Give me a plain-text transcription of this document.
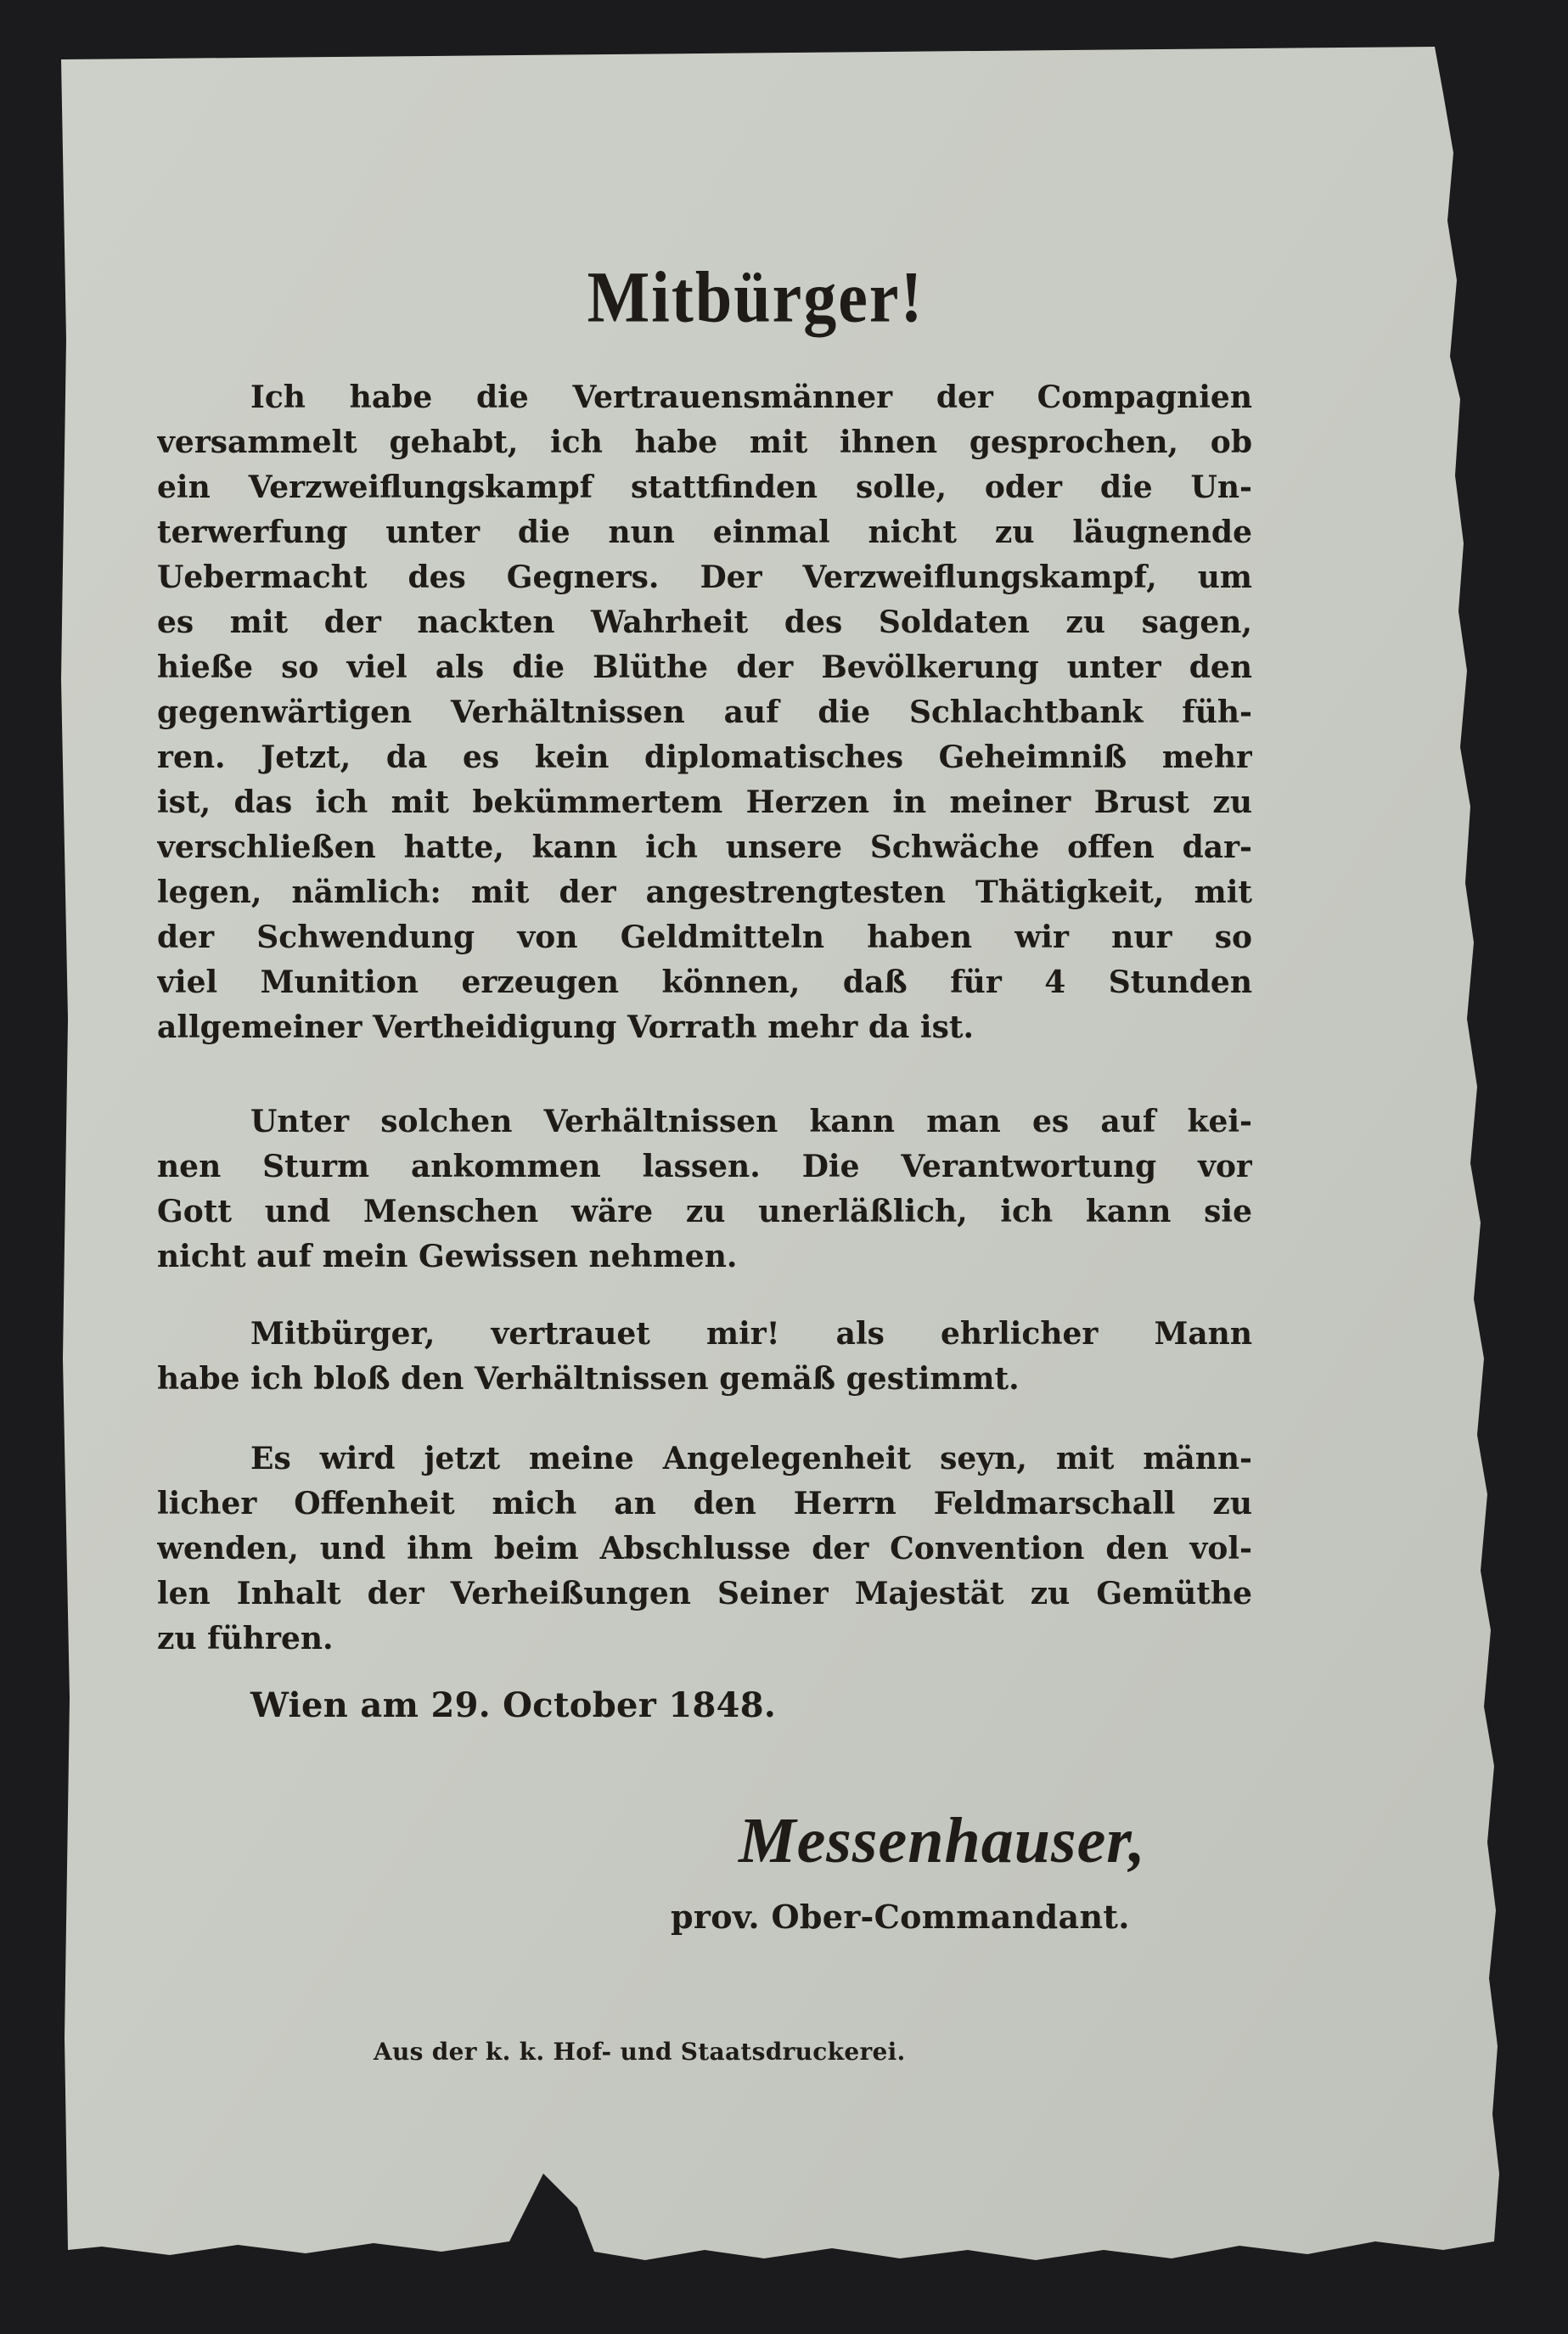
Mitbürger!
Ich habe die Vertrauensmänner der Compagnien
versammelt gehabt, ich habe mit ihnen gesprochen, ob
ein Verzweiflungskampf stattfinden solle, oder die Un-
terwerfung unter die nun einmal nicht zu läugnende
Uebermacht des Gegners. Der Verzweiflungskampf, um
es mit der nackten Wahrheit des Soldaten zu sagen,
hieße so viel als die Blüthe der Bevölkerung unter den
gegenwärtigen Verhältnissen auf die Schlachtbank füh-
ren. Jetzt, da es kein diplomatisches Geheimniß mehr
ist, das ich mit bekümmertem Herzen in meiner Brust zu
verschließen hatte, kann ich unsere Schwäche offen dar-
legen, nämlich: mit der angestrengtesten Thätigkeit, mit
der Schwendung von Geldmitteln haben wir nur so
viel Munition erzeugen können, daß für 4 Stunden
allgemeiner Vertheidigung Vorrath mehr da ist.
Unter solchen Verhältnissen kann man es auf kei-
nen Sturm ankommen lassen. Die Verantwortung vor
Gott und Menschen wäre zu unerläßlich, ich kann sie
nicht auf mein Gewissen nehmen.
Mitbürger, vertrauet mir! als ehrlicher Mann
habe ich bloß den Verhältnissen gemäß gestimmt.
Es wird jetzt meine Angelegenheit seyn, mit männ-
licher Offenheit mich an den Herrn Feldmarschall zu
wenden, und ihm beim Abschlusse der Convention den vol-
len Inhalt der Verheißungen Seiner Majestät zu Gemüthe
zu führen.

Wien am 29. October 1848.

Messenhauser,

prov. Ober-Commandant.

Aus der k. k. Hof- und Staatsdruckerei.
